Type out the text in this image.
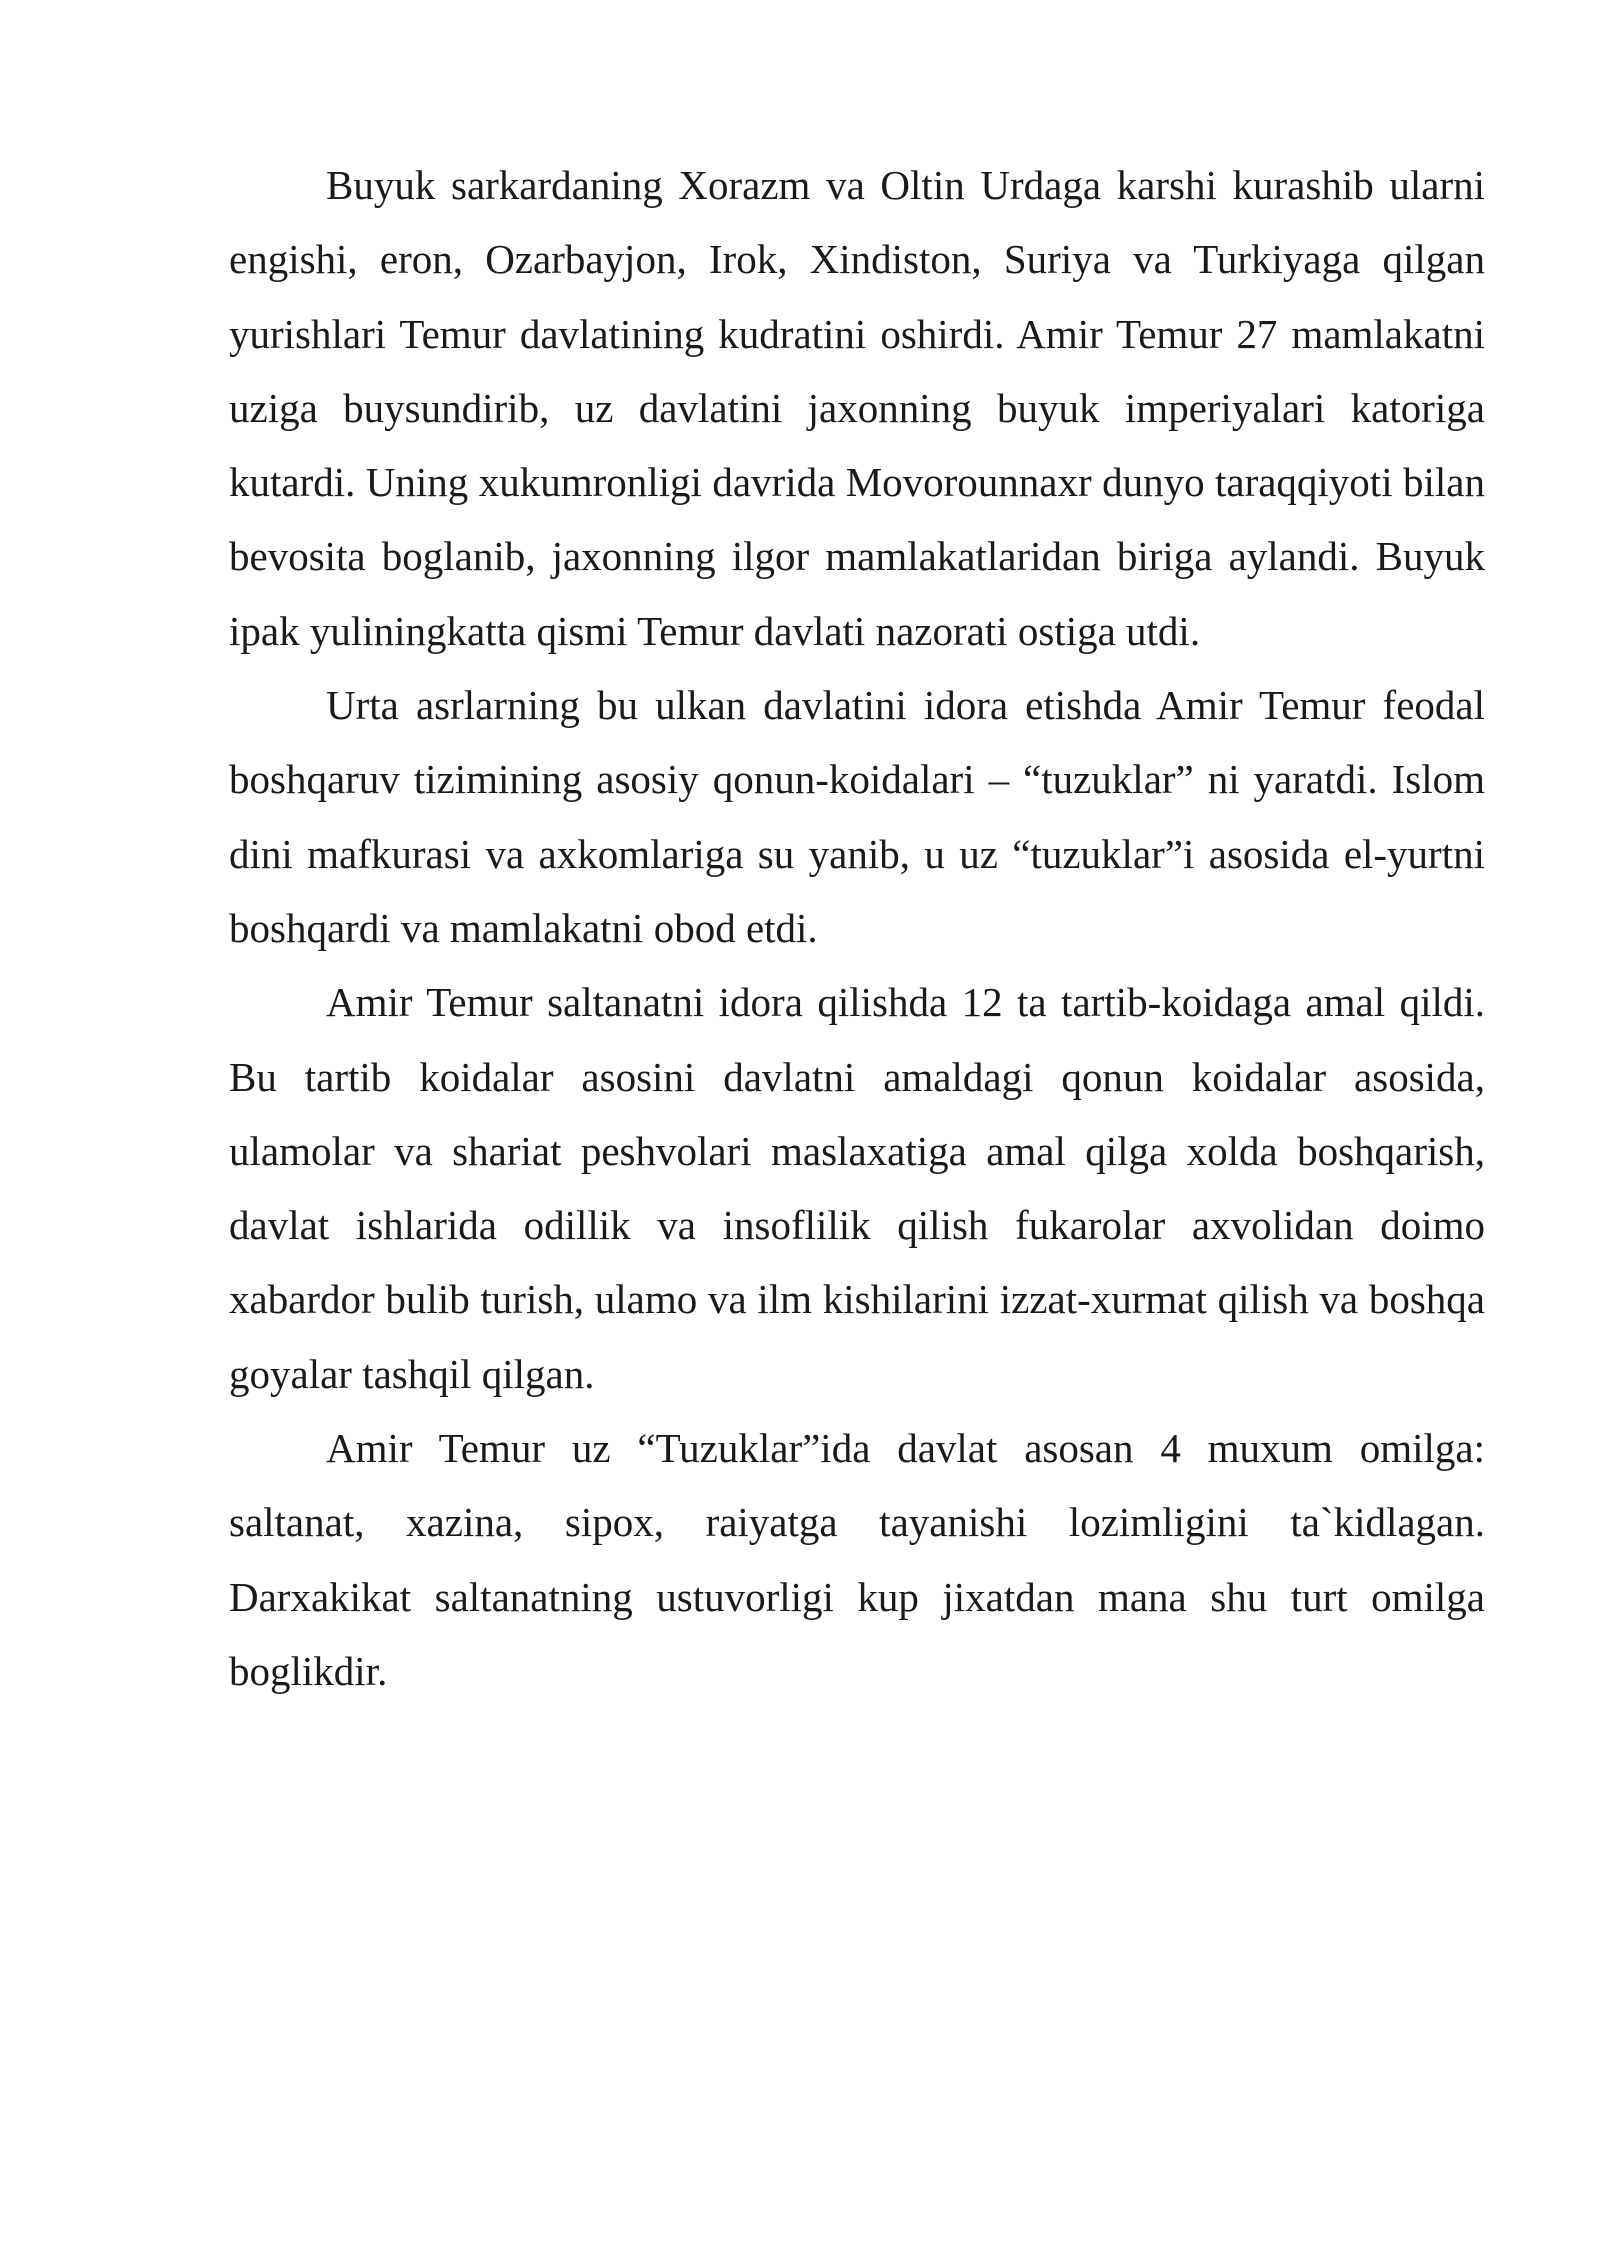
Buyuk sarkardaning Xorazm va Oltin Urdaga karshi kurashib ularni engishi, eron, Ozarbayjon, Irok, Xindiston, Suriya va Turkiyaga qilgan yurishlari Temur davlatining kudratini oshirdi. Amir Temur 27 mamlakatni uziga buysundirib, uz davlatini jaxonning buyuk imperiyalari katoriga kutardi. Uning xukumronligi davrida Movorounnaxr dunyo taraqqiyoti bilan bevosita boglanib, jaxonning ilgor mamlakatlaridan biriga aylandi. Buyuk ipak yuliningkatta qismi Temur davlati nazorati ostiga utdi.

Urta asrlarning bu ulkan davlatini idora etishda Amir Temur feodal boshqaruv tizimining asosiy qonun-koidalari – “tuzuklar” ni yaratdi. Islom dini mafkurasi va axkomlariga su yanib, u uz “tuzuklar”i asosida el-yurtni boshqardi va mamlakatni obod etdi.

Amir Temur saltanatni idora qilishda 12 ta tartib-koidaga amal qildi. Bu tartib koidalar asosini davlatni amaldagi qonun koidalar asosida, ulamolar va shariat peshvolari maslaxatiga amal qilga xolda boshqarish, davlat ishlarida odillik va insoflilik qilish fukarolar axvolidan doimo xabardor bulib turish, ulamo va ilm kishilarini izzat-xurmat qilish va boshqa goyalar tashqil qilgan.

Amir Temur uz “Tuzuklar”ida davlat asosan 4 muxum omilga: saltanat, xazina, sipox, raiyatga tayanishi lozimligini ta`kidlagan. Darxakikat saltanatning ustuvorligi kup jixatdan mana shu turt omilga boglikdir.
